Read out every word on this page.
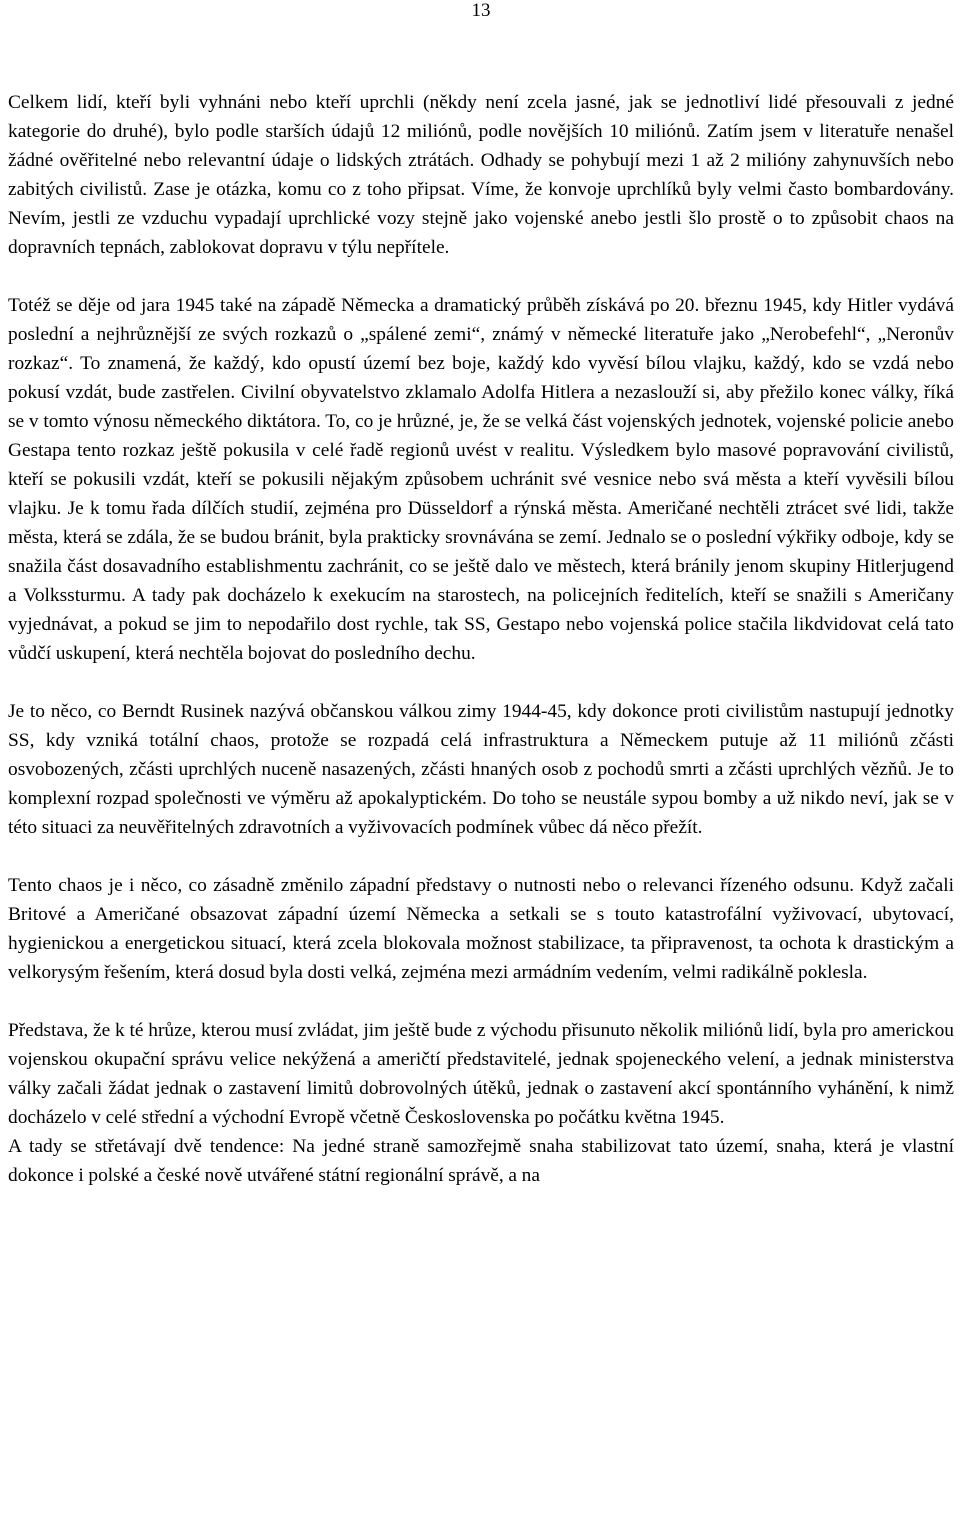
13

Celkem lidí, kteří byli vyhnáni nebo kteří uprchli (někdy není zcela jasné, jak se jednotliví lidé přesouvali z jedné kategorie do druhé), bylo podle starších údajů 12 miliónů, podle novějších 10 miliónů. Zatím jsem v literatuře nenašel žádné ověřitelné nebo relevantní údaje o lidských ztrátách. Odhady se pohybují mezi 1 až 2 milióny zahynuvších nebo zabitých civilistů. Zase je otázka, komu co z toho připsat. Víme, že konvoje uprchlíků byly velmi často bombardovány. Nevím, jestli ze vzduchu vypadají uprchlické vozy stejně jako vojenské anebo jestli šlo prostě o to způsobit chaos na dopravních tepnách, zablokovat dopravu v týlu nepřítele.

Totéž se děje od jara 1945 také na západě Německa a dramatický průběh získává po 20. březnu 1945, kdy Hitler vydává poslední a nejhrůznější ze svých rozkazů o „spálené zemi“, známý v německé literatuře jako „Nerobefehl“, „Neronův rozkaz“. To znamená, že každý, kdo opustí území bez boje, každý kdo vyvěsí bílou vlajku, každý, kdo se vzdá nebo pokusí vzdát, bude zastřelen. Civilní obyvatelstvo zklamalo Adolfa Hitlera a nezaslouží si, aby přežilo konec války, říká se v tomto výnosu německého diktátora. To, co je hrůzné, je, že se velká část vojenských jednotek, vojenské policie anebo Gestapa tento rozkaz ještě pokusila v celé řadě regionů uvést v realitu. Výsledkem bylo masové popravování civilistů, kteří se pokusili vzdát, kteří se pokusili nějakým způsobem uchránit své vesnice nebo svá města a kteří vyvěsili bílou vlajku. Je k tomu řada dílčích studií, zejména pro Düsseldorf a rýnská města. Američané nechtěli ztrácet své lidi, takže města, která se zdála, že se budou bránit, byla prakticky srovnávána se zemí. Jednalo se o poslední výkřiky odboje, kdy se snažila část dosavadního establishmentu zachránit, co se ještě dalo ve městech, která bránily jenom skupiny Hitlerjugend a Volkssturmu. A tady pak docházelo k exekucím na starostech, na policejních ředitelích, kteří se snažili s Američany vyjednávat, a pokud se jim to nepodařilo dost rychle, tak SS, Gestapo nebo vojenská police stačila likdvidovat celá tato vůdčí uskupení, která nechtěla bojovat do posledního dechu.

Je to něco, co Berndt Rusinek nazývá občanskou válkou zimy 1944-45, kdy dokonce proti civilistům nastupují jednotky SS, kdy vzniká totální chaos, protože se rozpadá celá infrastruktura a Německem putuje až 11 miliónů zčásti osvobozených, zčásti uprchlých nuceně nasazených, zčásti hnaných osob z pochodů smrti a zčásti uprchlých vězňů. Je to komplexní rozpad společnosti ve výměru až apokalyptickém. Do toho se neustále sypou bomby a už nikdo neví, jak se v této situaci za neuvěřitelných zdravotních a vyživovacích podmínek vůbec dá něco přežít.

Tento chaos je i něco, co zásadně změnilo západní představy o nutnosti nebo o relevanci řízeného odsunu. Když začali Britové a Američané obsazovat západní území Německa a setkali se s touto katastrofální vyživovací, ubytovací, hygienickou a energetickou situací, která zcela blokovala možnost stabilizace, ta připravenost, ta ochota k drastickým a velkorysým řešením, která dosud byla dosti velká, zejména mezi armádním vedením, velmi radikálně poklesla.

Představa, že k té hrůze, kterou musí zvládat, jim ještě bude z východu přisunuto několik miliónů lidí, byla pro americkou vojenskou okupační správu velice nekýžená a američtí představitelé, jednak spojeneckého velení, a jednak ministerstva války začali žádat jednak o zastavení limitů dobrovolných útěků, jednak o zastavení akcí spontánního vyhánění, k nimž docházelo v celé střední a východní Evropě včetně Československa po počátku května 1945.
A tady se střetávají dvě tendence: Na jedné straně samozřejmě snaha stabilizovat tato území, snaha, která je vlastní dokonce i polské a české nově utvářené státní regionální správě, a na
